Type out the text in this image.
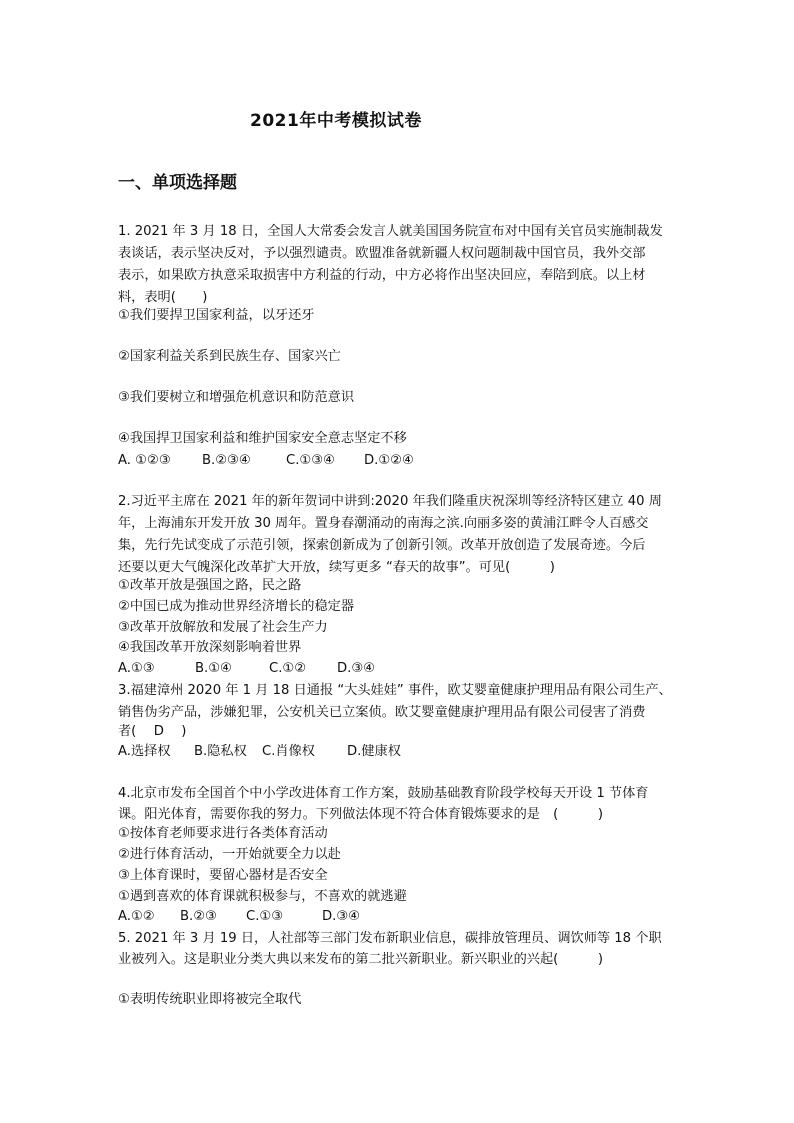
2021年中考模拟试卷
一、单项选择题
1. 2021 年 3 月 18 日，全国人大常委会发言人就美国国务院宣布对中国有关官员实施制裁发
表谈话，表示坚决反对，予以强烈谴责。欧盟准备就新疆人权问题制裁中国官员，我外交部
表示，如果欧方执意采取损害中方利益的行动，中方必将作出坚决回应，奉陪到底。以上材
料，表明(　　)
①我们要捍卫国家利益，以牙还牙
②国家利益关系到民族生存、国家兴亡
③我们要树立和增强危机意识和防范意识
④我国捍卫国家利益和维护国家安全意志坚定不移
A. ①②③ B.②③④	C.①③④ D.①②④
2.习近平主席在 2021 年的新年贺词中讲到:2020 年我们隆重庆祝深圳等经济特区建立 40 周
年，上海浦东开发开放 30 周年。置身春潮涌动的南海之滨.向丽多姿的黄浦江畔令人百感交
集，先行先试变成了示范引领，探索创新成为了创新引领。改革开放创造了发展奇迹。今后
还要以更大气魄深化改革扩大开放，续写更多 “春天的故事”。可见(　　　)
①改革开放是强国之路，民之路
②中国已成为推动世界经济增长的稳定器
③改革开放解放和发展了社会生产力
④我国改革开放深刻影响着世界
A.①③	B.①④	C.①② D.③④
3.福建漳州 2020 年 1 月 18 日通报 “大头娃娃” 事件，欧艾婴童健康护理用品有限公司生产、
销售伪劣产品，涉嫌犯罪，公安机关已立案侦。欧艾婴童健康护理用品有限公司侵害了消费
者(　 D　 )
A.选择权 B.隐私权 C.肖像权 D.健康权
4.北京市发布全国首个中小学改进体育工作方案，鼓励基础教育阶段学校每天开设 1 节体育
课。阳光体育，需要你我的努力。下列做法体现不符合体育锻炼要求的是　(　　　)
①按体育老师要求进行各类体育活动
②进行体育活动，一开始就要全力以赴
③上体育课时，要留心器材是否安全
①遇到喜欢的体育课就积极参与，不喜欢的就逃避
A.①② B.②③ C.①③	D.③④
5. 2021 年 3 月 19 日，人社部等三部门发布新职业信息，碳排放管理员、调饮师等 18 个职
业被列入。这是职业分类大典以来发布的第二批兴新职业。新兴职业的兴起(　　　)
①表明传统职业即将被完全取代
